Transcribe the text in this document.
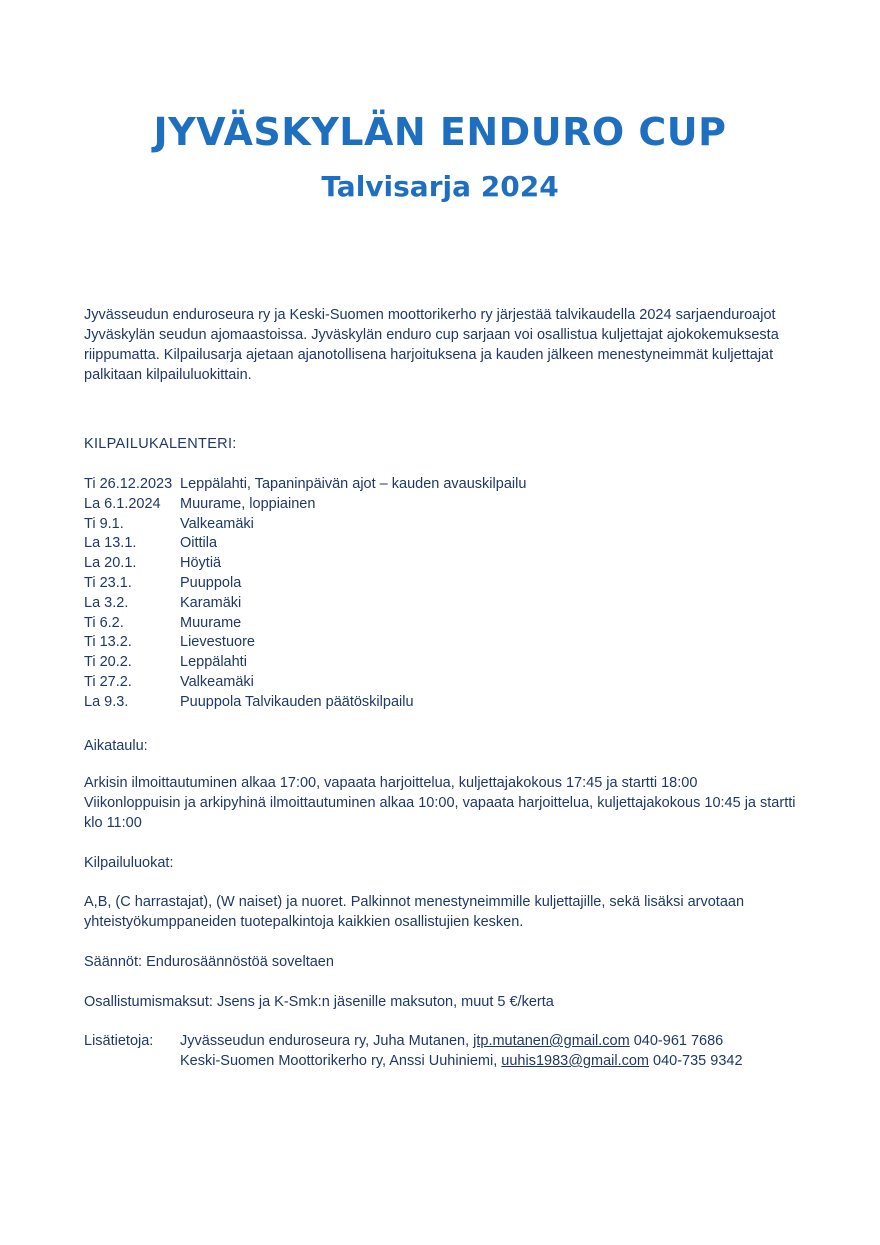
JYVÄSKYLÄN ENDURO CUP
Talvisarja 2024

Jyvässeudun enduroseura ry ja Keski-Suomen moottorikerho ry järjestää talvikaudella 2024 sarjaenduroajot Jyväskylän seudun ajomaastoissa. Jyväskylän enduro cup sarjaan voi osallistua kuljettajat ajokokemuksesta riippumatta. Kilpailusarja ajetaan ajanotollisena harjoituksena ja kauden jälkeen menestyneimmät kuljettajat palkitaan kilpailuluokittain.

KILPAILUKALENTERI:

Ti 26.12.2023 Leppälahti, Tapaninpäivän ajot – kauden avauskilpailu
La 6.1.2024	Muurame, loppiainen
Ti 9.1.	Valkeamäki
La 13.1.	Oittila
La 20.1.	Höytiä
Ti 23.1.	Puuppola
La 3.2.	Karamäki
Ti 6.2.	Muurame
Ti 13.2.	Lievestuore
Ti 20.2.	Leppälahti
Ti 27.2.	Valkeamäki
La 9.3.	Puuppola Talvikauden päätöskilpailu

Aikataulu:

Arkisin ilmoittautuminen alkaa 17:00, vapaata harjoittelua, kuljettajakokous 17:45 ja startti 18:00
Viikonloppuisin ja arkipyhinä ilmoittautuminen alkaa 10:00, vapaata harjoittelua, kuljettajakokous 10:45 ja startti klo 11:00

Kilpailuluokat:

A,B, (C harrastajat), (W naiset) ja nuoret. Palkinnot menestyneimmille kuljettajille, sekä lisäksi arvotaan yhteistyökumppaneiden tuotepalkintoja kaikkien osallistujien kesken.

Säännöt: Endurosäännöstöä soveltaen

Osallistumismaksut: Jsens ja K-Smk:n jäsenille maksuton, muut 5 €/kerta

Lisätietoja:	Jyvässeudun enduroseura ry, Juha Mutanen, jtp.mutanen@gmail.com 040-961 7686
Keski-Suomen Moottorikerho ry, Anssi Uuhiniemi, uuhis1983@gmail.com 040-735 9342
